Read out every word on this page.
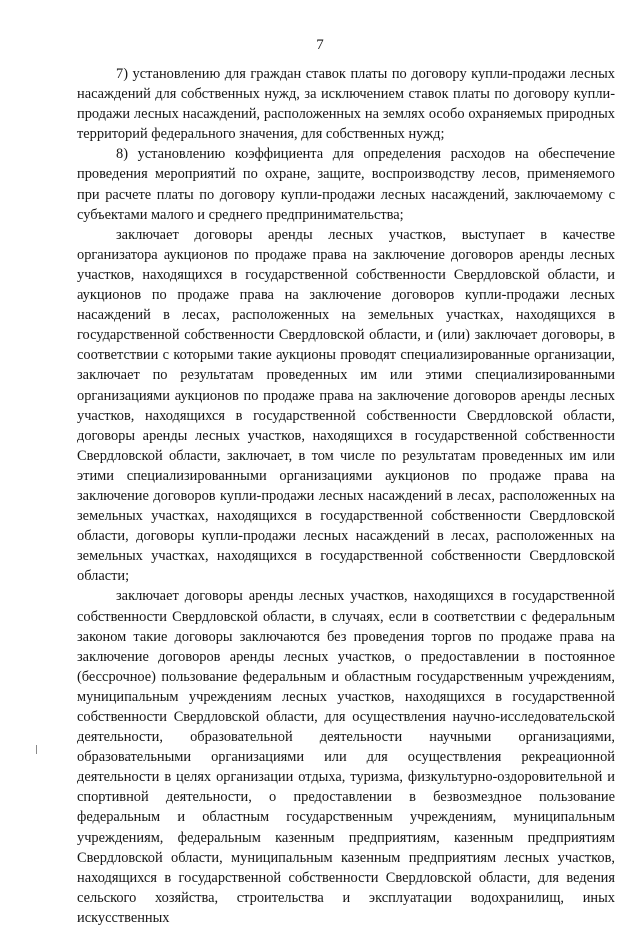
7

7) установлению для граждан ставок платы по договору купли-продажи лесных насаждений для собственных нужд, за исключением ставок платы по договору купли-продажи лесных насаждений, расположенных на землях особо охраняемых природных территорий федерального значения, для собственных нужд;

8) установлению коэффициента для определения расходов на обеспечение проведения мероприятий по охране, защите, воспроизводству лесов, применяемого при расчете платы по договору купли-продажи лесных насаждений, заключаемому с субъектами малого и среднего предпринимательства;

заключает договоры аренды лесных участков, выступает в качестве организатора аукционов по продаже права на заключение договоров аренды лесных участков, находящихся в государственной собственности Свердловской области, и аукционов по продаже права на заключение договоров купли-продажи лесных насаждений в лесах, расположенных на земельных участках, находящихся в государственной собственности Свердловской области, и (или) заключает договоры, в соответствии с которыми такие аукционы проводят специализированные организации, заключает по результатам проведенных им или этими специализированными организациями аукционов по продаже права на заключение договоров аренды лесных участков, находящихся в государственной собственности Свердловской области, договоры аренды лесных участков, находящихся в государственной собственности Свердловской области, заключает, в том числе по результатам проведенных им или этими специализированными организациями аукционов по продаже права на заключение договоров купли-продажи лесных насаждений в лесах, расположенных на земельных участках, находящихся в государственной собственности Свердловской области, договоры купли-продажи лесных насаждений в лесах, расположенных на земельных участках, находящихся в государственной собственности Свердловской области;

заключает договоры аренды лесных участков, находящихся в государственной собственности Свердловской области, в случаях, если в соответствии с федеральным законом такие договоры заключаются без проведения торгов по продаже права на заключение договоров аренды лесных участков, о предоставлении в постоянное (бессрочное) пользование федеральным и областным государственным учреждениям, муниципальным учреждениям лесных участков, находящихся в государственной собственности Свердловской области, для осуществления научно-исследовательской деятельности, образовательной деятельности научными организациями, образовательными организациями или для осуществления рекреационной деятельности в целях организации отдыха, туризма, физкультурно-оздоровительной и спортивной деятельности, о предоставлении в безвозмездное пользование федеральным и областным государственным учреждениям, муниципальным учреждениям, федеральным казенным предприятиям, казенным предприятиям Свердловской области, муниципальным казенным предприятиям лесных участков, находящихся в государственной собственности Свердловской области, для ведения сельского хозяйства, строительства и эксплуатации водохранилищ, иных искусственных
